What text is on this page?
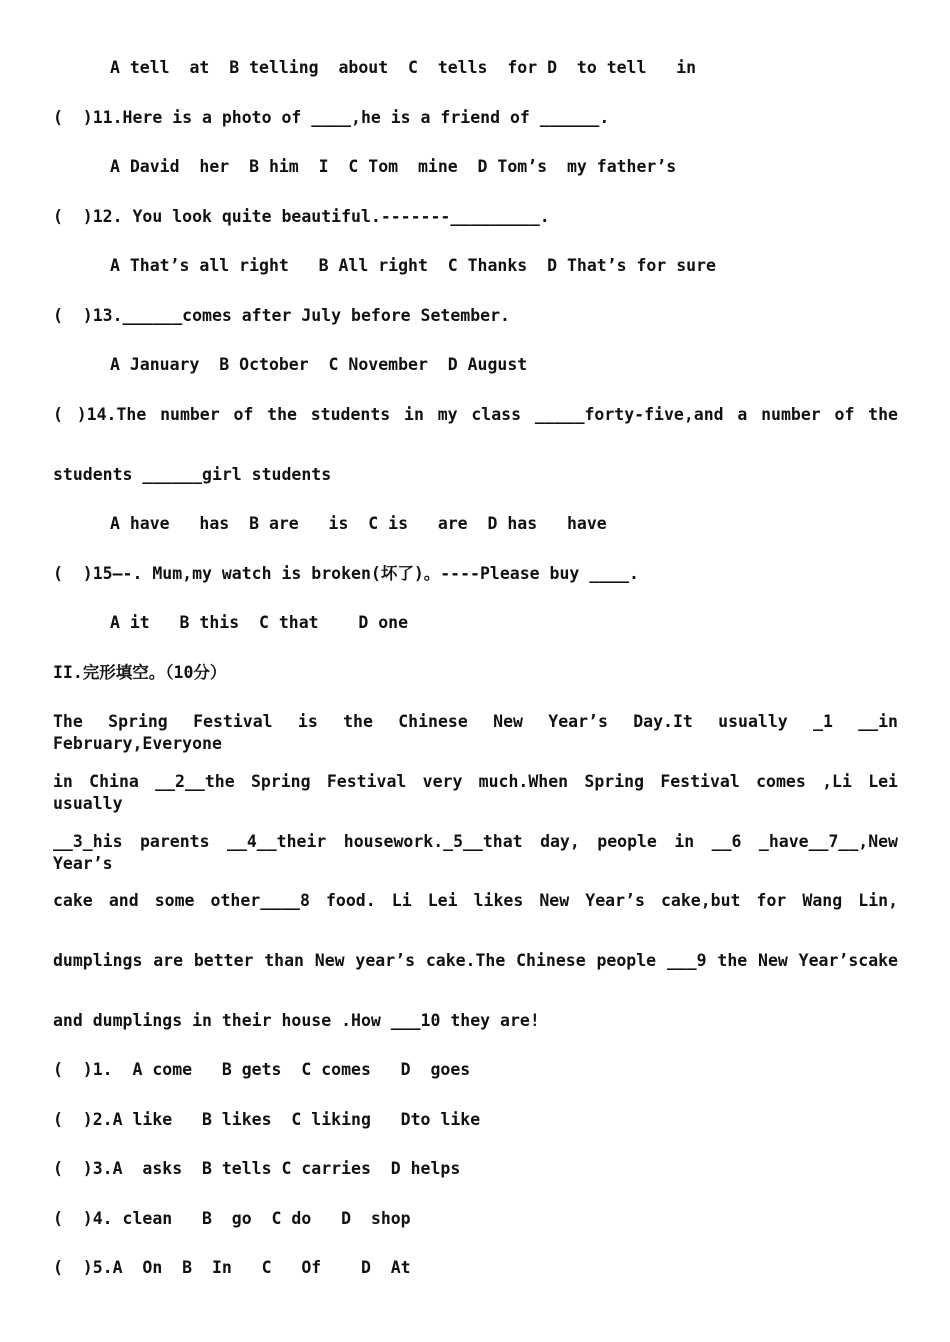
A tell  at  B telling  about  C  tells  for D  to tell   in
(  )11.Here is a photo of ____,he is a friend of ______.
A David  her  B him  I  C Tom  mine  D Tom’s  my father’s
(  )12. You look quite beautiful.-------_________.
A That’s all right   B All right  C Thanks  D That’s for sure
(  )13.______comes after July before Setember.
A January  B October  C November  D August
( )14.The number of the students in my class _____forty-five,and a number of the
students ______girl students
A have   has  B are   is  C is   are  D has   have
(  )15—-. Mum,my watch is broken(坏了)。----Please buy ____.
A it   B this  C that    D one
II.完形填空。（10分）
The Spring Festival is the Chinese New Year’s Day.It usually _1 __in February,Everyone
in China __2__the Spring Festival very much.When Spring Festival comes ,Li Lei usually
__3_his parents __4__their housework._5__that day, people in __6 _have__7__,New Year’s
cake and some other____8 food. Li Lei likes New Year’s cake,but for Wang Lin,
dumplings are better than New year’s cake.The Chinese people ___9 the New Year’scake
and dumplings in their house .How ___10 they are!
(  )1.  A come   B gets  C comes   D  goes
(  )2.A like   B likes  C liking   Dto like
(  )3.A  asks  B tells C carries  D helps
(  )4. clean   B  go  C do   D  shop
(  )5.A  On  B  In   C   Of    D  At
